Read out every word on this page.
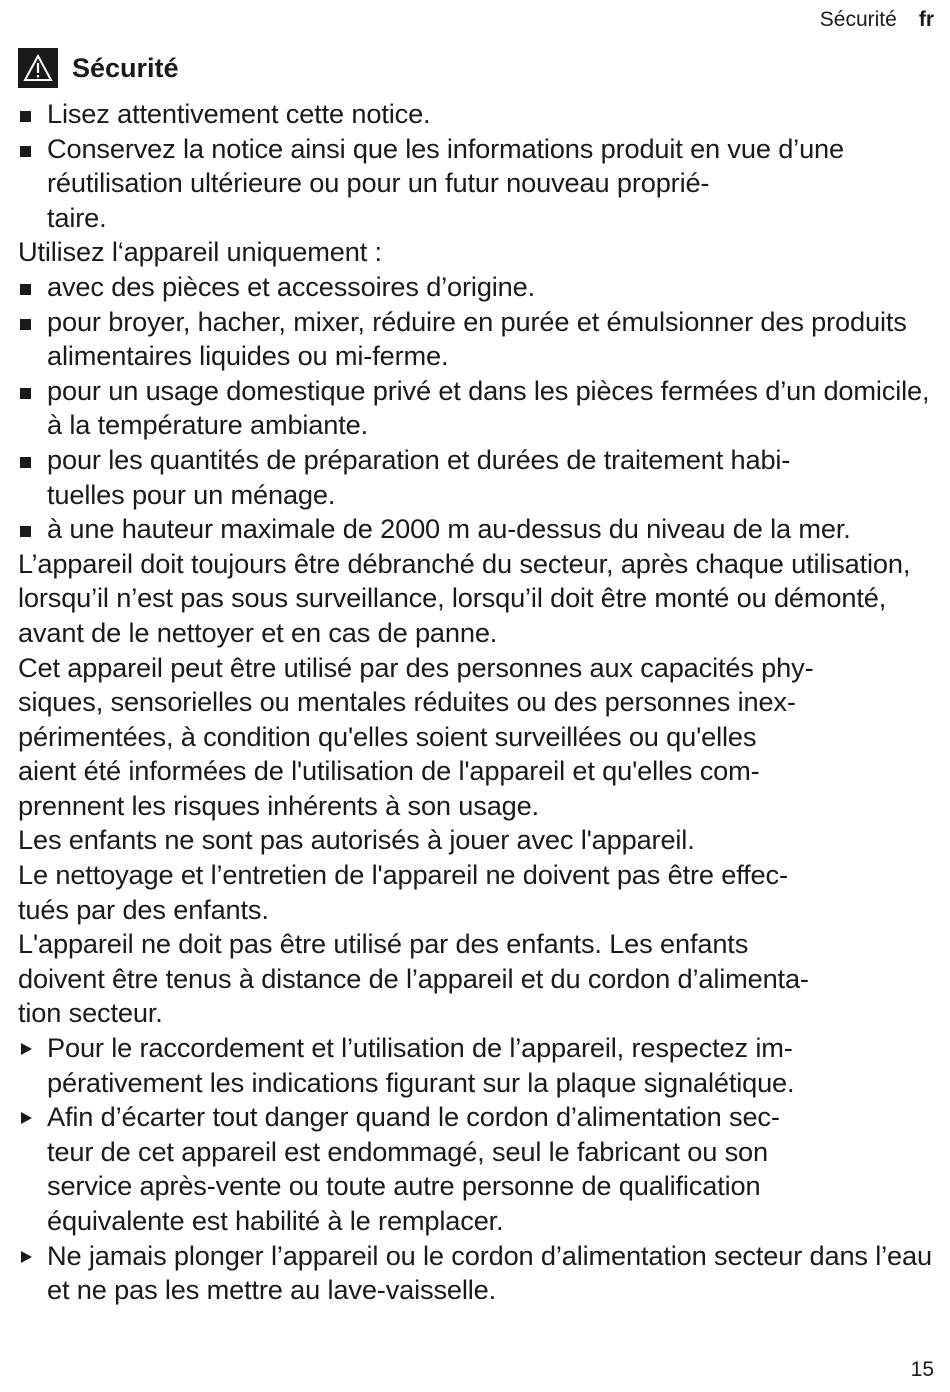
Sécurité fr
Sécurité
Lisez attentivement cette notice.
Conservez la notice ainsi que les informations produit en vue d’une réutilisation ultérieure ou pour un futur nouveau proprié-
taire.

Utilisez l‘appareil uniquement :

avec des pièces et accessoires d’origine.
pour broyer, hacher, mixer, réduire en purée et émulsionner des produits alimentaires liquides ou mi-ferme.
pour un usage domestique privé et dans les pièces fermées d’un domicile, à la température ambiante.
pour les quantités de préparation et durées de traitement habi-
tuelles pour un ménage.
à une hauteur maximale de 2000 m au-dessus du niveau de la mer.

L’appareil doit toujours être débranché du secteur, après chaque utilisation, lorsqu’il n’est pas sous surveillance, lorsqu’il doit être monté ou démonté, avant de le nettoyer et en cas de panne.

Cet appareil peut être utilisé par des personnes aux capacités phy-
siques, sensorielles ou mentales réduites ou des personnes inex-
périmentées, à condition qu'elles soient surveillées ou qu'elles
aient été informées de l'utilisation de l'appareil et qu'elles com-
prennent les risques inhérents à son usage.

Les enfants ne sont pas autorisés à jouer avec l'appareil.

Le nettoyage et l’entretien de l'appareil ne doivent pas être effec-
tués par des enfants.

L'appareil ne doit pas être utilisé par des enfants. Les enfants
doivent être tenus à distance de l’appareil et du cordon d’alimenta-
tion secteur.

Pour le raccordement et l’utilisation de l’appareil, respectez im-
pérativement les indications figurant sur la plaque signalétique.
Afin d’écarter tout danger quand le cordon d’alimentation sec-
teur de cet appareil est endommagé, seul le fabricant ou son
service après-vente ou toute autre personne de qualification
équivalente est habilité à le remplacer.
Ne jamais plonger l’appareil ou le cordon d’alimentation secteur dans l’eau et ne pas les mettre au lave-vaisselle.
15
